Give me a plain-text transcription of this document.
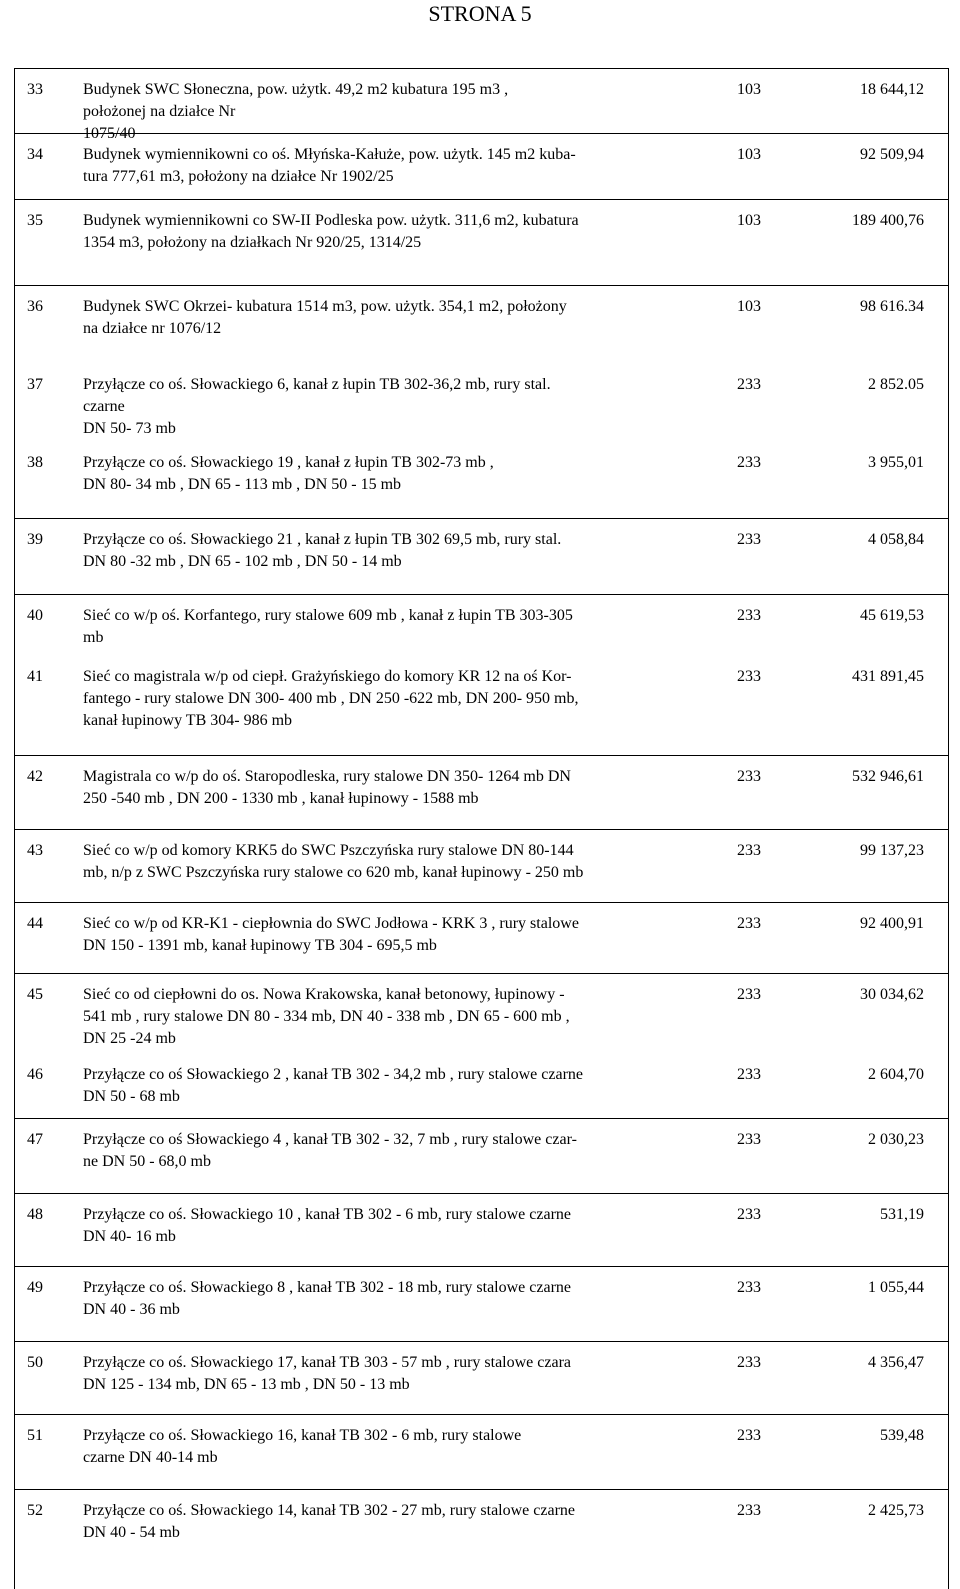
STRONA 5
33	Budynek SWC Słoneczna, pow. użytk. 49,2 m2 kubatura 195 m3 ,
położonej na działce Nr
1075/40
103	18 644,12
34	Budynek wymiennikowni co oś. Młyńska-Kałuże, pow. użytk. 145 m2 kuba-
tura 777,61 m3, położony na działce Nr 1902/25
103	92 509,94
35	Budynek wymiennikowni co SW-II Podleska pow. użytk. 311,6 m2, kubatura
1354 m3, położony na działkach Nr 920/25, 1314/25
103	189 400,76
36	Budynek SWC Okrzei- kubatura 1514 m3, pow. użytk. 354,1 m2, położony
na działce nr 1076/12
103	98 616.34
37	Przyłącze co oś. Słowackiego 6, kanał z łupin TB 302-36,2 mb, rury stal.
czarne
DN 50- 73 mb
233	2 852.05
38	Przyłącze co oś. Słowackiego 19 , kanał z łupin TB 302-73 mb ,
DN 80- 34 mb , DN 65 - 113 mb , DN 50 - 15 mb
233	3 955,01
39	Przyłącze co oś. Słowackiego 21 , kanał z łupin TB 302 69,5 mb, rury stal.
DN 80 -32 mb , DN 65 - 102 mb , DN 50 - 14 mb
233	4 058,84
40	Sieć co w/p oś. Korfantego, rury stalowe 609 mb , kanał z łupin TB 303-305
mb
233	45 619,53
41	Sieć co magistrala w/p od ciepł. Grażyńskiego do komory KR 12 na oś Kor-
fantego - rury stalowe DN 300- 400 mb , DN 250 -622 mb, DN 200- 950 mb,
kanał łupinowy TB 304- 986 mb
233	431 891,45
42	Magistrala co w/p do oś. Staropodleska, rury stalowe DN 350- 1264 mb DN
250 -540 mb , DN 200 - 1330 mb , kanał łupinowy - 1588 mb
233	532 946,61
43	Sieć co w/p od komory KRK5 do SWC Pszczyńska rury stalowe DN 80-144
mb, n/p z SWC Pszczyńska rury stalowe co 620 mb, kanał łupinowy - 250 mb
233	99 137,23
44	Sieć co w/p od KR-K1 - ciepłownia do SWC Jodłowa - KRK 3 , rury stalowe
DN 150 - 1391 mb, kanał łupinowy TB 304 - 695,5 mb
233	92 400,91
45	Sieć co od ciepłowni do os. Nowa Krakowska, kanał betonowy, łupinowy -
541 mb , rury stalowe DN 80 - 334 mb, DN 40 - 338 mb , DN 65 - 600 mb ,
DN 25 -24 mb
233	30 034,62
46	Przyłącze co oś Słowackiego 2 , kanał TB 302 - 34,2 mb , rury stalowe czarne
DN 50 - 68 mb
233	2 604,70
47	Przyłącze co oś Słowackiego 4 , kanał TB 302 - 32, 7 mb , rury stalowe czar-
ne DN 50 - 68,0 mb
233	2 030,23
48	Przyłącze co oś. Słowackiego 10 , kanał TB 302 - 6 mb, rury stalowe czarne
DN 40- 16 mb
233	531,19
49	Przyłącze co oś. Słowackiego 8 , kanał TB 302 - 18 mb, rury stalowe czarne
DN 40 - 36 mb
233	1 055,44
50	Przyłącze co oś. Słowackiego 17, kanał TB 303 - 57 mb , rury stalowe czara
DN 125 - 134 mb, DN 65 - 13 mb , DN 50 - 13 mb
233	4 356,47
51	Przyłącze co oś. Słowackiego 16, kanał TB 302 - 6 mb, rury stalowe
czarne DN 40-14 mb
233	539,48
52	Przyłącze co oś. Słowackiego 14, kanał TB 302 - 27 mb, rury stalowe czarne
DN 40 - 54 mb
233	2 425,73
